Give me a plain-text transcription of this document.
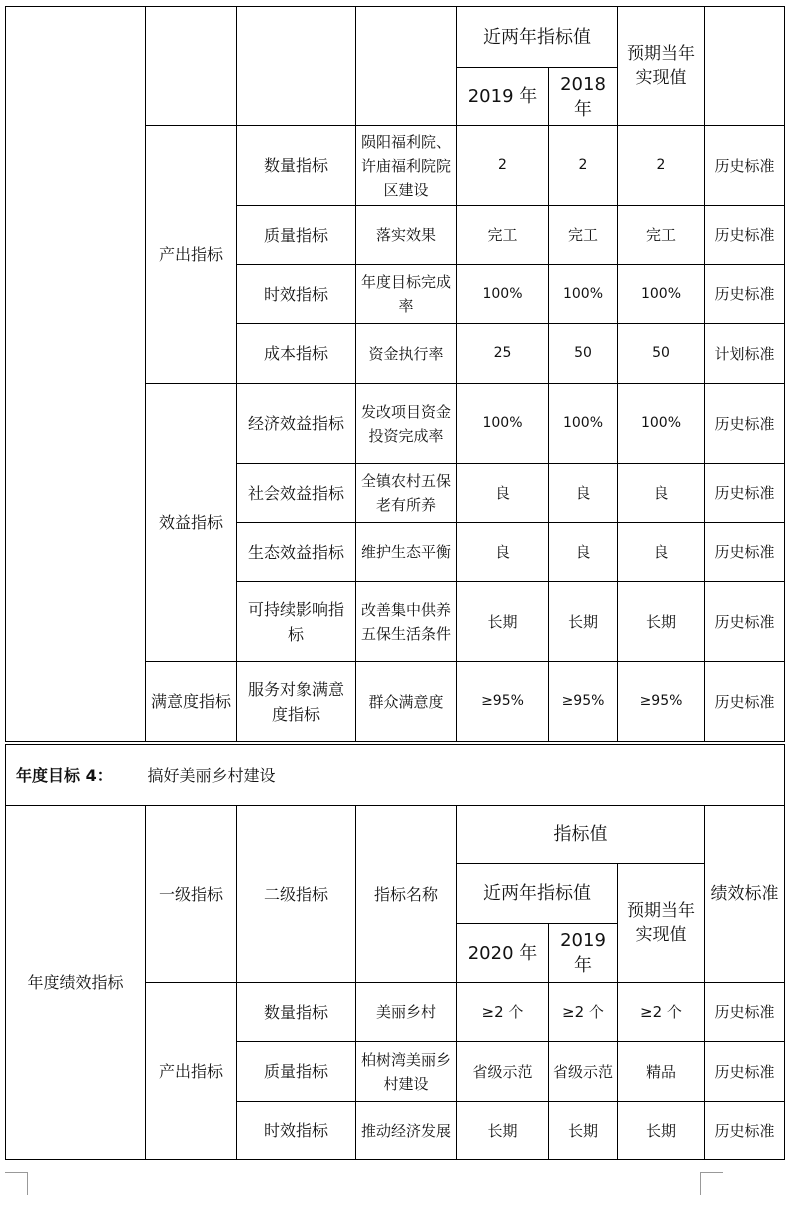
				近两年指标值		预期当年实现值	
				2019 年	2018 年		
	产出指标	数量指标	陨阳福利院、许庙福利院院区建设	2	2	2	历史标准
		质量指标	落实效果	完工	完工	完工	历史标准
		时效指标	年度目标完成率	100%	100%	100%	历史标准
		成本指标	资金执行率	25	50	50	计划标准
	效益指标	经济效益指标	发改项目资金投资完成率	100%	100%	100%	历史标准
		社会效益指标	全镇农村五保老有所养	良	良	良	历史标准
		生态效益指标	维护生态平衡	良	良	良	历史标准
		可持续影响指标	改善集中供养五保生活条件	长期	长期	长期	历史标准
	满意度指标	服务对象满意度指标	群众满意度	≥95%	≥95%	≥95%	历史标准
年度目标 4：	搞好美丽乡村建设						
年度绩效指标	一级指标	二级指标	指标名称	指标值			绩效标准
				近两年指标值		预期当年实现值	
				2020 年	2019 年		
	产出指标	数量指标	美丽乡村	≥2 个	≥2 个	≥2 个	历史标准
		质量指标	柏树湾美丽乡村建设	省级示范	省级示范	精品	历史标准
		时效指标	推动经济发展	长期	长期	长期	历史标准
